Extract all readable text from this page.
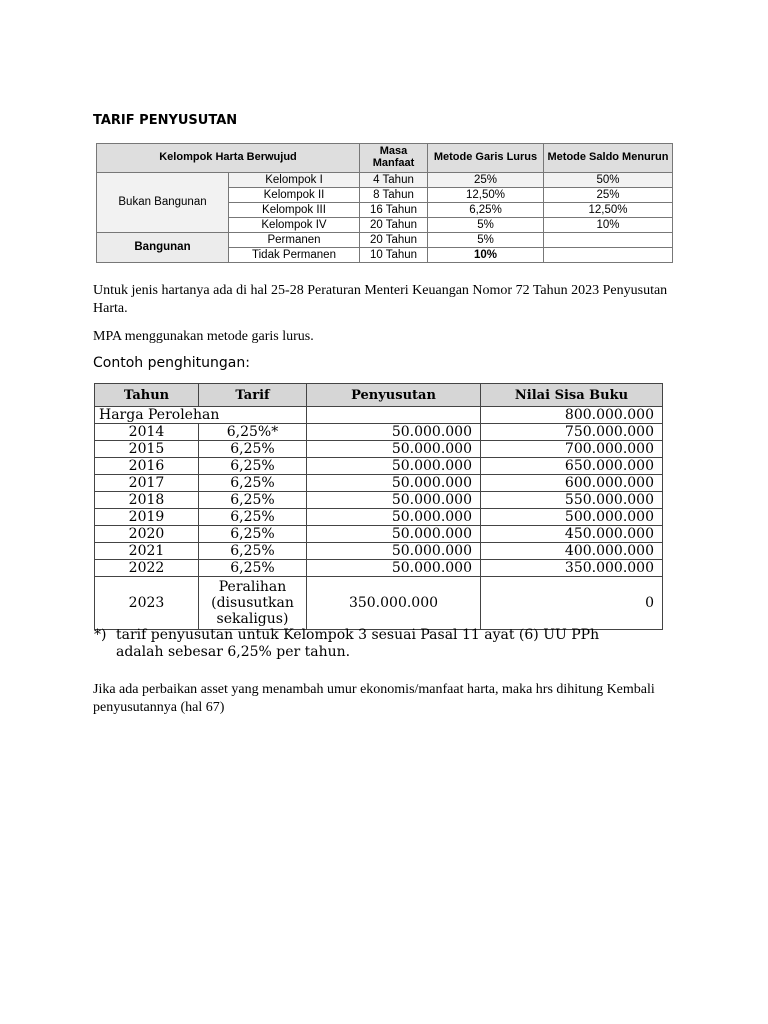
TARIF PENYUSUTAN
Kelompok Harta Berwujud		Masa Manfaat	Metode Garis Lurus	Metode Saldo Menurun
Bukan Bangunan	Kelompok I	4 Tahun	25%	50%
	Kelompok II	8 Tahun	12,50%	25%
	Kelompok III	16 Tahun	6,25%	12,50%
	Kelompok IV	20 Tahun	5%	10%
Bangunan	Permanen	20 Tahun	5%	
	Tidak Permanen	10 Tahun	10%	
Untuk jenis hartanya ada di hal 25-28 Peraturan Menteri Keuangan Nomor 72 Tahun 2023 Penyusutan Harta.
MPA menggunakan metode garis lurus.
Contoh penghitungan:
Tahun	Tarif	Penyusutan	Nilai Sisa Buku
Harga Perolehan			800.000.000
2014	6,25%*	50.000.000	750.000.000
2015	6,25%	50.000.000	700.000.000
2016	6,25%	50.000.000	650.000.000
2017	6,25%	50.000.000	600.000.000
2018	6,25%	50.000.000	550.000.000
2019	6,25%	50.000.000	500.000.000
2020	6,25%	50.000.000	450.000.000
2021	6,25%	50.000.000	400.000.000
2022	6,25%	50.000.000	350.000.000
2023	Peralihan
(disusutkan
sekaligus)	350.000.000	0
*) tarif penyusutan untuk Kelompok 3 sesuai Pasal 11 ayat (6) UU PPh
adalah sebesar 6,25% per tahun.
Jika ada perbaikan asset yang menambah umur ekonomis/manfaat harta, maka hrs dihitung Kembali penyusutannya (hal 67)
